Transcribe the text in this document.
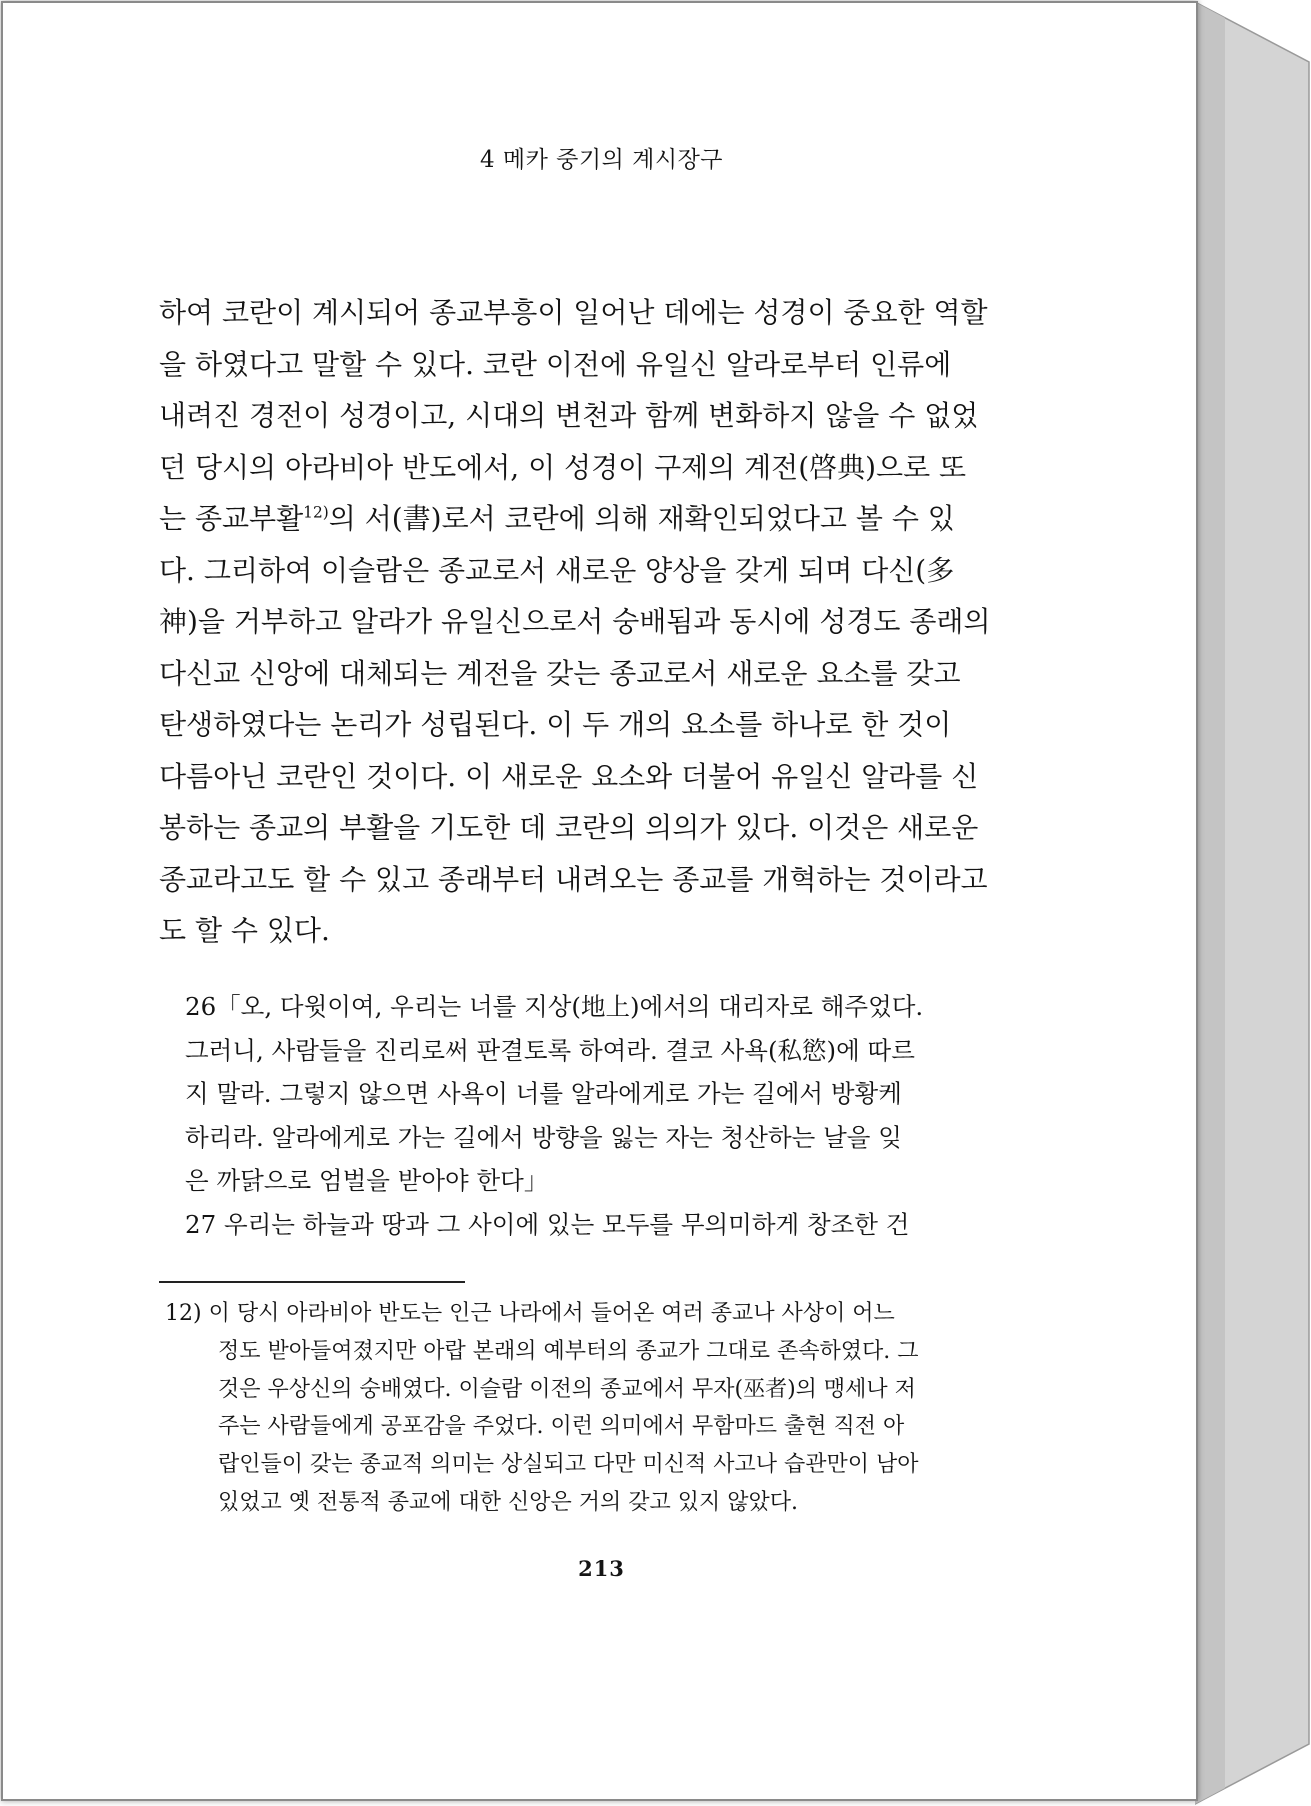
4 메카 중기의 계시장구
하여 코란이 계시되어 종교부흥이 일어난 데에는 성경이 중요한 역할
을 하였다고 말할 수 있다. 코란 이전에 유일신 알라로부터 인류에
내려진 경전이 성경이고, 시대의 변천과 함께 변화하지 않을 수 없었
던 당시의 아라비아 반도에서, 이 성경이 구제의 계전(啓典)으로 또
는 종교부활$^{12)}$의 서(書)로서 코란에 의해 재확인되었다고 볼 수 있
다. 그리하여 이슬람은 종교로서 새로운 양상을 갖게 되며 다신(多
神)을 거부하고 알라가 유일신으로서 숭배됨과 동시에 성경도 종래의
다신교 신앙에 대체되는 계전을 갖는 종교로서 새로운 요소를 갖고
탄생하였다는 논리가 성립된다. 이 두 개의 요소를 하나로 한 것이
다름아닌 코란인 것이다. 이 새로운 요소와 더불어 유일신 알라를 신
봉하는 종교의 부활을 기도한 데 코란의 의의가 있다. 이것은 새로운
종교라고도 할 수 있고 종래부터 내려오는 종교를 개혁하는 것이라고
도 할 수 있다.
26「오, 다윗이여, 우리는 너를 지상(地上)에서의 대리자로 해주었다.
그러니, 사람들을 진리로써 판결토록 하여라. 결코 사욕(私慾)에 따르
지 말라. 그렇지 않으면 사욕이 너를 알라에게로 가는 길에서 방황케
하리라. 알라에게로 가는 길에서 방향을 잃는 자는 청산하는 날을 잊
은 까닭으로 엄벌을 받아야 한다」
27 우리는 하늘과 땅과 그 사이에 있는 모두를 무의미하게 창조한 건
12) 이 당시 아라비아 반도는 인근 나라에서 들어온 여러 종교나 사상이 어느
정도 받아들여졌지만 아랍 본래의 예부터의 종교가 그대로 존속하였다. 그
것은 우상신의 숭배였다. 이슬람 이전의 종교에서 무자(巫者)의 맹세나 저
주는 사람들에게 공포감을 주었다. 이런 의미에서 무함마드 출현 직전 아
랍인들이 갖는 종교적 의미는 상실되고 다만 미신적 사고나 습관만이 남아
있었고 옛 전통적 종교에 대한 신앙은 거의 갖고 있지 않았다.
213
